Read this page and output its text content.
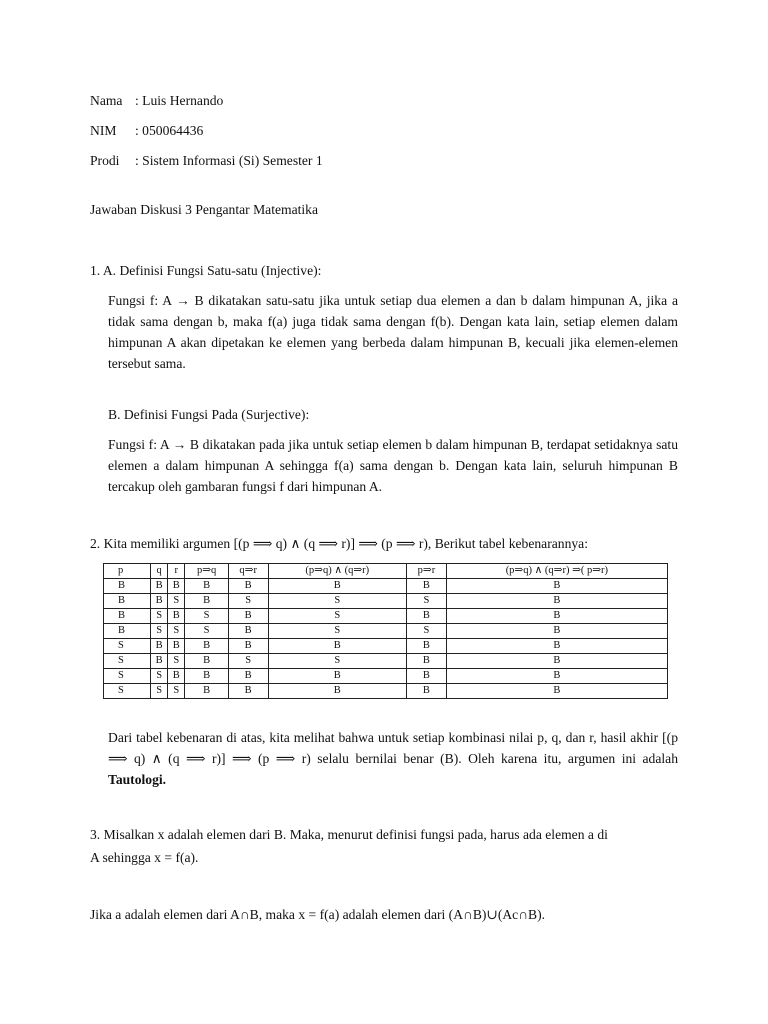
Nama : Luis Hernando
NIM : 050064436
Prodi : Sistem Informasi (Si) Semester 1
Jawaban Diskusi 3 Pengantar Matematika
1. A. Definisi Fungsi Satu-satu (Injective):

Fungsi f: A → B dikatakan satu-satu jika untuk setiap dua elemen a dan b dalam himpunan A, jika a tidak sama dengan b, maka f(a) juga tidak sama dengan f(b). Dengan kata lain, setiap elemen dalam himpunan A akan dipetakan ke elemen yang berbeda dalam himpunan B, kecuali jika elemen-elemen tersebut sama.

B. Definisi Fungsi Pada (Surjective):

Fungsi f: A → B dikatakan pada jika untuk setiap elemen b dalam himpunan B, terdapat setidaknya satu elemen a dalam himpunan A sehingga f(a) sama dengan b. Dengan kata lain, seluruh himpunan B tercakup oleh gambaran fungsi f dari himpunan A.

2. Kita memiliki argumen [(p ⟹ q) ∧ (q ⟹ r)] ⟹ (p ⟹ r), Berikut tabel kebenarannya:
p	q	r	p⇒q	q⇒r	(p⇒q) ∧ (q⇒r)	p⇒r	(p⇒q) ∧ (q⇒r) ⇒( p⇒r)
B	B	B	B	B	B	B	B
B	B	S	B	S	S	S	B
B	S	B	S	B	S	B	B
B	S	S	S	B	S	S	B
S	B	B	B	B	B	B	B
S	B	S	B	S	S	B	B
S	S	B	B	B	B	B	B
S	S	S	B	B	B	B	B

Dari tabel kebenaran di atas, kita melihat bahwa untuk setiap kombinasi nilai p, q, dan r, hasil akhir [(p ⟹ q) ∧ (q ⟹ r)] ⟹ (p ⟹ r) selalu bernilai benar (B). Oleh karena itu, argumen ini adalah Tautologi.

3. Misalkan x adalah elemen dari B. Maka, menurut definisi fungsi pada, harus ada elemen a di
A sehingga x = f(a).
Jika a adalah elemen dari A∩B, maka x = f(a) adalah elemen dari (A∩B)∪(Ac∩B).
